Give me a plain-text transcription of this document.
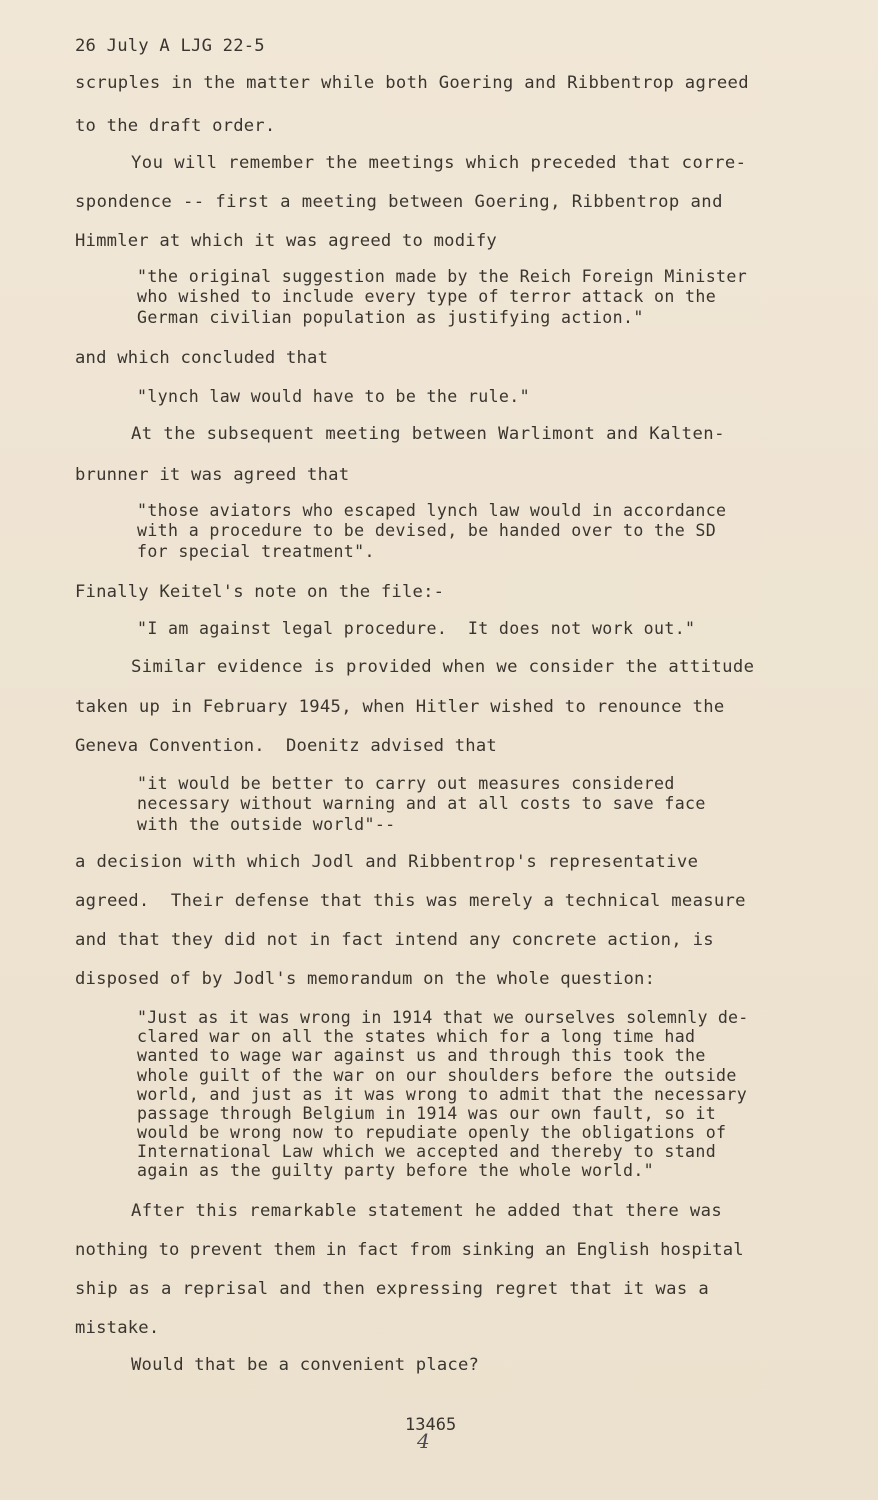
26 July A LJG 22-5
scruples in the matter while both Goering and Ribbentrop agreed
to the draft order.
You will remember the meetings which preceded that corre-
spondence -- first a meeting between Goering, Ribbentrop and
Himmler at which it was agreed to modify
"the original suggestion made by the Reich Foreign Minister
who wished to include every type of terror attack on the
German civilian population as justifying action."
and which concluded that
"lynch law would have to be the rule."
At the subsequent meeting between Warlimont and Kalten-
brunner it was agreed that
"those aviators who escaped lynch law would in accordance
with a procedure to be devised, be handed over to the SD
for special treatment".
Finally Keitel's note on the file:-
"I am against legal procedure.  It does not work out."
Similar evidence is provided when we consider the attitude
taken up in February 1945, when Hitler wished to renounce the
Geneva Convention.  Doenitz advised that
"it would be better to carry out measures considered
necessary without warning and at all costs to save face
with the outside world"--
a decision with which Jodl and Ribbentrop's representative
agreed.  Their defense that this was merely a technical measure
and that they did not in fact intend any concrete action, is
disposed of by Jodl's memorandum on the whole question:
"Just as it was wrong in 1914 that we ourselves solemnly de-
clared war on all the states which for a long time had
wanted to wage war against us and through this took the
whole guilt of the war on our shoulders before the outside
world, and just as it was wrong to admit that the necessary
passage through Belgium in 1914 was our own fault, so it
would be wrong now to repudiate openly the obligations of
International Law which we accepted and thereby to stand
again as the guilty party before the whole world."
After this remarkable statement he added that there was
nothing to prevent them in fact from sinking an English hospital
ship as a reprisal and then expressing regret that it was a
mistake.
Would that be a convenient place?
13465
4
